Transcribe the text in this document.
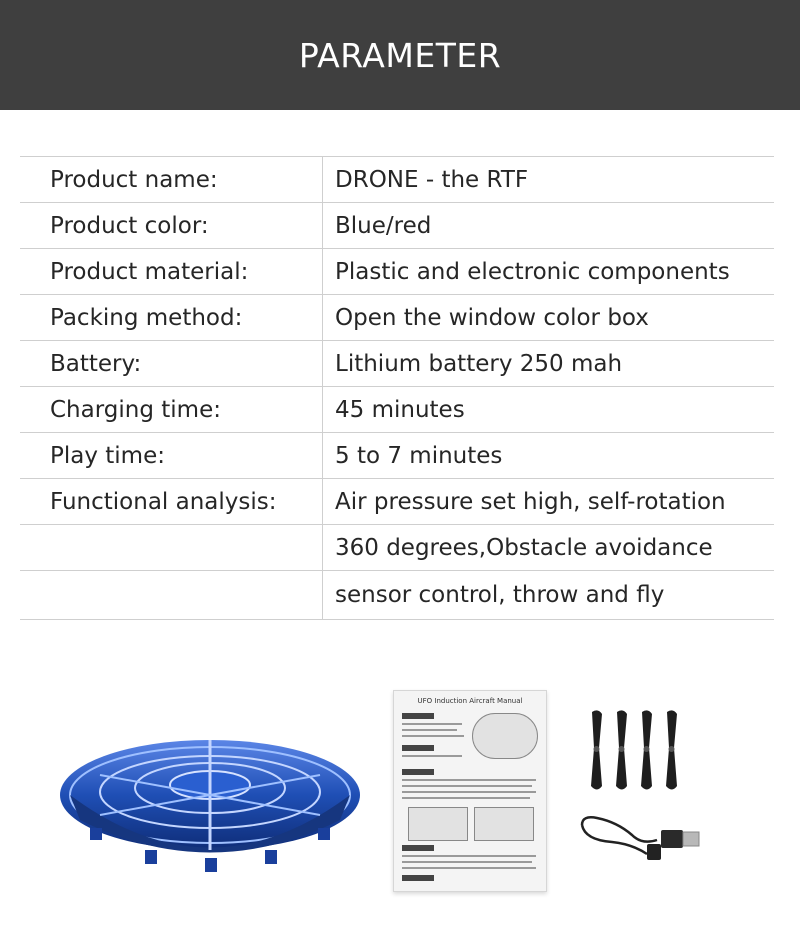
PARAMETER
Product name:	DRONE - the RTF
Product color:	Blue/red
Product material:	Plastic and electronic components
Packing method:	Open the window color box
Battery:	Lithium battery 250 mah
Charging time:	45 minutes
Play time:	5 to 7 minutes
Functional analysis:	Air pressure set high, self-rotation
	360 degrees,Obstacle avoidance
	sensor control, throw and fly
UFO Induction Aircraft Manual
